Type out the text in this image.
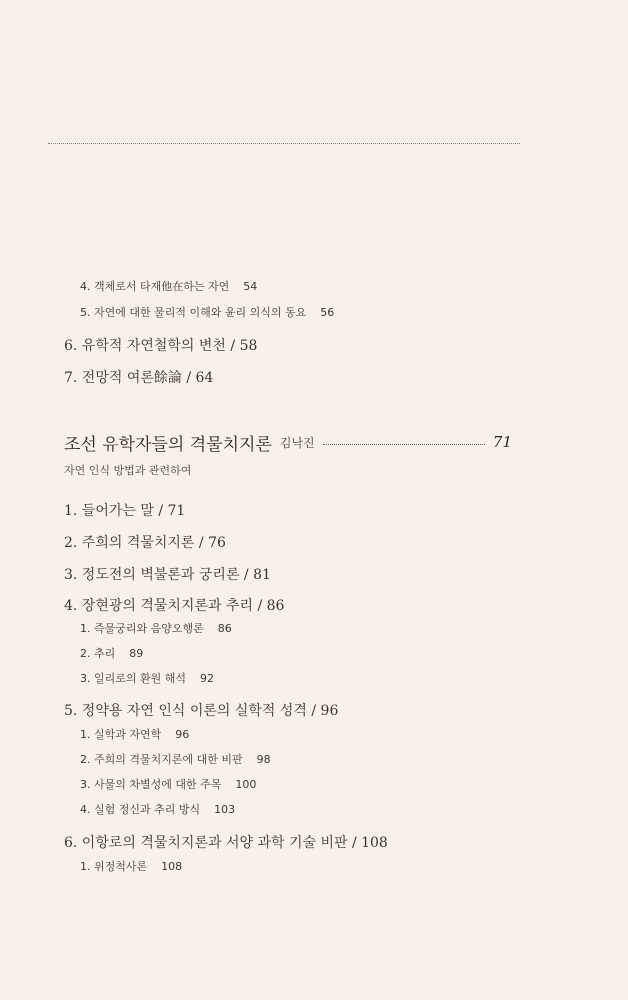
4. 객체로서 타재他在하는 자연 54
5. 자연에 대한 물리적 이해와 윤리 의식의 동요 56
6. 유학적 자연철학의 변천 / 58
7. 전망적 여론餘論 / 64
조선 유학자들의 격물치지론 김낙진	71
자연 인식 방법과 관련하여
1. 들어가는 말 / 71
2. 주희의 격물치지론 / 76
3. 정도전의 벽불론과 궁리론 / 81
4. 장현광의 격물치지론과 추리 / 86
1. 즉물궁리와 음양오행론 86
2. 추리 89
3. 일리로의 환원 해석 92
5. 정약용 자연 인식 이론의 실학적 성격 / 96
1. 실학과 자연학 96
2. 주희의 격물치지론에 대한 비판 98
3. 사물의 차별성에 대한 주목 100
4. 실험 정신과 추리 방식 103
6. 이항로의 격물치지론과 서양 과학 기술 비판 / 108
1. 위정척사론 108
